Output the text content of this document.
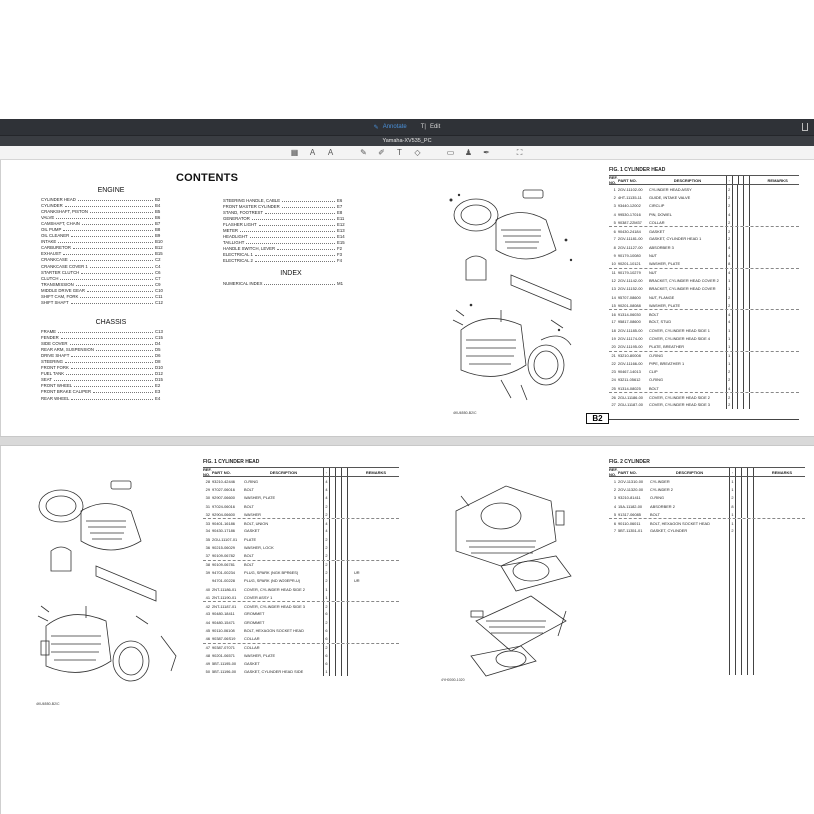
✎ Annotate T| Edit
Yamaha-XV535_PC
▦ A A	✎ ✐ T ◇	▭ ♟ ✒	⛶
CONTENTS
ENGINE
CYLINDER HEAD	B2
CYLINDER	B4
CRANKSHAFT, PISTON	B5
VALVE	B6
CAMSHAFT, CHAIN	B7
OIL PUMP	B8
OIL CLEANER	B9
INTAKE	B10
CARBURETOR	B12
EXHAUST	B15
CRANKCASE	C2
CRANKCASE COVER 1	C4
STARTER CLUTCH	C6
CLUTCH	C7
TRANSMISSION	C9
MIDDLE DRIVE GEAR	C10
SHIFT CAM, FORK	C11
SHIFT SHAFT	C12
CHASSIS
FRAME	C13
FENDER	C15
SIDE COVER	D4
REAR ARM, SUSPENSION	D5
DRIVE SHAFT	D6
STEERING	D8
FRONT FORK	D10
FUEL TANK	D12
SEAT	D15
FRONT WHEEL	E2
FRONT BRAKE CALIPER	E3
REAR WHEEL	E4
STEERING HANDLE, CABLE	E6
FRONT MASTER CYLINDER	E7
STAND, FOOTREST	E8
GENERATOR	E11
FLASHER LIGHT	E12
METER	E13
HEADLIGHT	E14
TAILLIGHT	E15
HANDLE SWITCH, LEVER	F2
ELECTRICAL 1	F3
ELECTRICAL 2	F4
INDEX
NUMERICAL INDEX	M1
4KU6550-B2/C
FIG. 1 CYLINDER HEAD
REF. NO. PART NO.	DESCRIPTION	·	REMARKS
1 2GV-11102-00	CYLINDER HEAD ASSY	2
2 4HT-11135-11	GUIDE, INTAKE VALVE	2
3 93440-12002	CIRCLIP	2
4 99530-17016	PIN, DOWEL	4
5 90387-22M37	COLLAR	2
6 90430-24184	GASKET	2
7 2GV-11181-00	GASKET, CYLINDER HEAD 1	2
8 2GV-11127-00	ABSORBER 3	4
9 90179-10080	NUT	4
10 90201-10121	WASHER, PLATE	8
11 90179-10279	NUT	4
12 2GV-11142-00	BRACKET, CYLINDER HEAD COVER 2	1
13 2GV-11152-00	BRACKET, CYLINDER HEAD COVER	1
14 95707-08600	NUT, FLANGE	2
15 90201-08088	WASHER, PLATE	2
16 91314-06030	BOLT	4
17 95817-08600	BOLT, STUD	4
18 2GV-11185-00	COVER, CYLINDER HEAD SIDE 1	1
19 2GV-11174-00	COVER, CYLINDER HEAD SIDE 4	1
20 2GV-11195-00	PLATE, BREATHER	1
21 93210-80008	O-RING	1
22 2GV-11166-00	PIPE, BREATHER 1	1
23 90467-14013	CLIP	2
24 93211-05612	O-RING	2
25 91314-08025	BOLT	4
26 2GU-11186-00	COVER, CYLINDER HEAD SIDE 2	2
27 2GU-11187-00	COVER, CYLINDER HEAD SIDE 3	2
B2
4KU6550-B2/C
FIG. 1 CYLINDER HEAD
REF. NO. PART NO.	DESCRIPTION	·	REMARKS
28 93210-42446	O-RING	4
29 97027-06016	BOLT	4
30 92907-06600	WASHER, PLATE	4
31 97024-06016	BOLT	2
32 92904-06600	WASHER	2
33 90401-16186	BOLT, UNION	4
34 90430-17186	GASKET	4
35 2GU-11107-01	PLATE	2
36 90215-06029	WASHER, LOCK	2
37 90109-06782	BOLT	2
38 90109-06781	BOLT	2
39 94701-00234	PLUG, SPARK (NGK BPR6ES)	2	UR
94701-00228	PLUG, SPARK (ND W20EPR-U)	2	UR
40 2NT-11186-01	COVER, CYLINDER HEAD SIDE 2	1
41 2NT-11190-01	COVER ASSY 1	1
42 2NT-11187-01	COVER, CYLINDER HEAD SIDE 3	2
43 90480-18411	GROMMET	6
44 90480-15471	GROMMET	2
45 90110-06108	BOLT, HEXAGON SOCKET HEAD	6
46 90387-06S19	COLLAR	6
47 90387-07071	COLLAR	2
48 90201-06571	WASHER, PLATE	6
49 5BT-11195-00	GASKET	6
50 5BT-11196-00	GASKET, CYLINDER HEAD SIDE	1
4YH0000-1020
FIG. 2 CYLINDER
REF. NO. PART NO.	DESCRIPTION	·	REMARKS
1 2GV-11310-00	CYLINDER	1
2 2GV-11320-00	CYLINDER 2	1
3 93210-81411	O-RING	2
4 15A-11182-00	ABSORBER 2	8
5 91317-06085	BOLT	1
6 90110-06011	BOLT, HEXAGON SOCKET HEAD	1
7 5BT-11351-01	GASKET, CYLINDER	2
